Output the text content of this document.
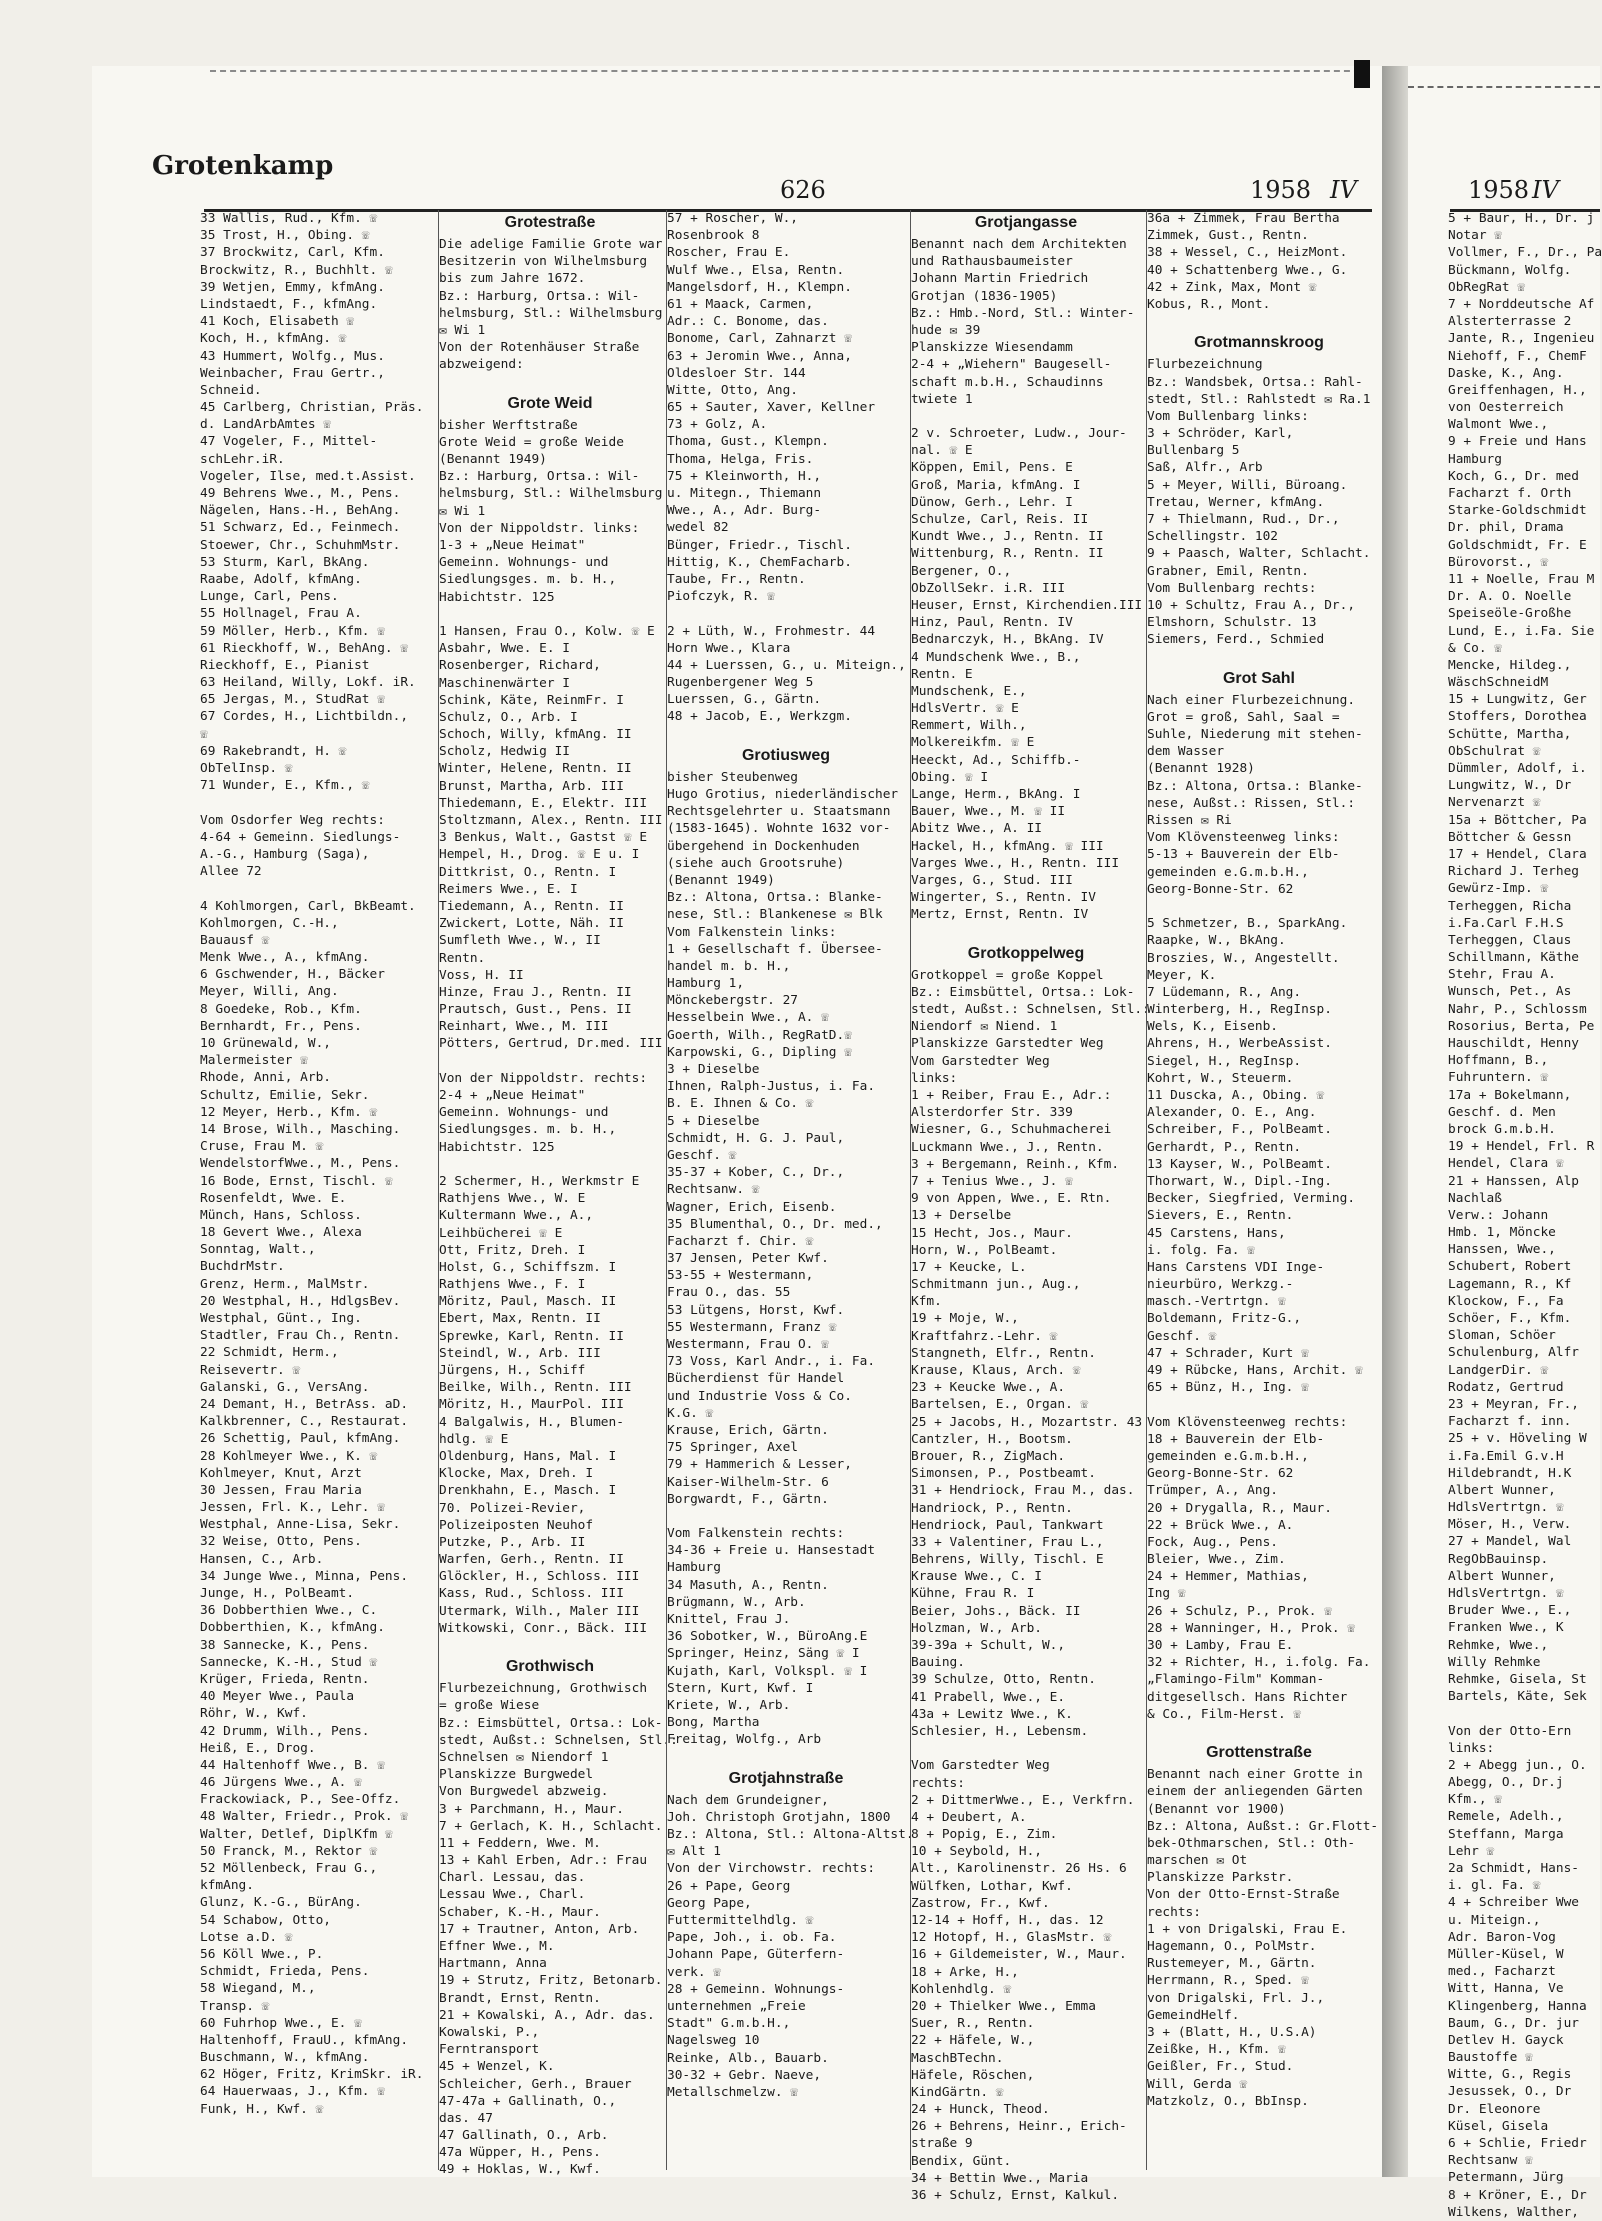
Grotenkamp
626	1958 IV	1958 IV
33 Wallis, Rud., Kfm. ☏
35 Trost, H., Obing. ☏
37 Brockwitz, Carl, Kfm.
Brockwitz, R., Buchhlt. ☏
39 Wetjen, Emmy, kfmAng.
Lindstaedt, F., kfmAng.
41 Koch, Elisabeth ☏
Koch, H., kfmAng. ☏
43 Hummert, Wolfg., Mus.
Weinbacher, Frau Gertr.,
Schneid.
45 Carlberg, Christian, Präs.
d. LandArbAmtes ☏
47 Vogeler, F., Mittel-
schLehr.iR.
Vogeler, Ilse, med.t.Assist.
49 Behrens Wwe., M., Pens.
Nägelen, Hans.-H., BehAng.
51 Schwarz, Ed., Feinmech.
Stoewer, Chr., SchuhmMstr.
53 Sturm, Karl, BkAng.
Raabe, Adolf, kfmAng.
Lunge, Carl, Pens.
55 Hollnagel, Frau A.
59 Möller, Herb., Kfm. ☏
61 Rieckhoff, W., BehAng. ☏
Rieckhoff, E., Pianist
63 Heiland, Willy, Lokf. iR.
65 Jergas, M., StudRat ☏
67 Cordes, H., Lichtbildn.,
☏
69 Rakebrandt, H. ☏
ObTelInsp. ☏
71 Wunder, E., Kfm., ☏

Vom Osdorfer Weg rechts:
4-64 + Gemeinn. Siedlungs-
A.-G., Hamburg (Saga),
Allee 72

4 Kohlmorgen, Carl, BkBeamt.
Kohlmorgen, C.-H.,
Bauausf ☏
Menk Wwe., A., kfmAng.
6 Gschwender, H., Bäcker
Meyer, Willi, Ang.
8 Goedeke, Rob., Kfm.
Bernhardt, Fr., Pens.
10 Grünewald, W.,
Malermeister ☏
Rhode, Anni, Arb.
Schultz, Emilie, Sekr.
12 Meyer, Herb., Kfm. ☏
14 Brose, Wilh., Masching.
Cruse, Frau M. ☏
WendelstorfWwe., M., Pens.
16 Bode, Ernst, Tischl. ☏
Rosenfeldt, Wwe. E.
Münch, Hans, Schloss.
18 Gevert Wwe., Alexa
Sonntag, Walt.,
BuchdrMstr.
Grenz, Herm., MalMstr.
20 Westphal, H., HdlgsBev.
Westphal, Günt., Ing.
Stadtler, Frau Ch., Rentn.
22 Schmidt, Herm.,
Reisevertr. ☏
Galanski, G., VersAng.
24 Demant, H., BetrAss. aD.
Kalkbrenner, C., Restaurat.
26 Schettig, Paul, kfmAng.
28 Kohlmeyer Wwe., K. ☏
Kohlmeyer, Knut, Arzt
30 Jessen, Frau Maria
Jessen, Frl. K., Lehr. ☏
Westphal, Anne-Lisa, Sekr.
32 Weise, Otto, Pens.
Hansen, C., Arb.
34 Junge Wwe., Minna, Pens.
Junge, H., PolBeamt.
36 Dobberthien Wwe., C.
Dobberthien, K., kfmAng.
38 Sannecke, K., Pens.
Sannecke, K.-H., Stud ☏
Krüger, Frieda, Rentn.
40 Meyer Wwe., Paula
Röhr, W., Kwf.
42 Drumm, Wilh., Pens.
Heiß, E., Drog.
44 Haltenhoff Wwe., B. ☏
46 Jürgens Wwe., A. ☏
Frackowiack, P., See-Offz.
48 Walter, Friedr., Prok. ☏
Walter, Detlef, DiplKfm ☏
50 Franck, M., Rektor ☏
52 Möllenbeck, Frau G.,
kfmAng.
Glunz, K.-G., BürAng.
54 Schabow, Otto,
Lotse a.D. ☏
56 Köll Wwe., P.
Schmidt, Frieda, Pens.
58 Wiegand, M.,
Transp. ☏
60 Fuhrhop Wwe., E. ☏
Haltenhoff, FrauU., kfmAng.
Buschmann, W., kfmAng.
62 Höger, Fritz, KrimSkr. iR.
64 Hauerwaas, J., Kfm. ☏
Funk, H., Kwf. ☏
Grotestraße
Die adelige Familie Grote war
Besitzerin von Wilhelmsburg
bis zum Jahre 1672.
Bz.: Harburg, Ortsa.: Wil-
helmsburg, Stl.: Wilhelmsburg
✉ Wi 1
Von der Rotenhäuser Straße
abzweigend:

Grote Weid
bisher Werftstraße
Grote Weid = große Weide
(Benannt 1949)
Bz.: Harburg, Ortsa.: Wil-
helmsburg, Stl.: Wilhelmsburg
✉ Wi 1
Von der Nippoldstr. links:
1-3 + „Neue Heimat"
Gemeinn. Wohnungs- und
Siedlungsges. m. b. H.,
Habichtstr. 125

1 Hansen, Frau O., Kolw. ☏ E
Asbahr, Wwe. E. I
Rosenberger, Richard,
Maschinenwärter I
Schink, Käte, ReinmFr. I
Schulz, O., Arb. I
Schoch, Willy, kfmAng. II
Scholz, Hedwig II
Winter, Helene, Rentn. II
Brunst, Martha, Arb. III
Thiedemann, E., Elektr. III
Stoltzmann, Alex., Rentn. III
3 Benkus, Walt., Gastst ☏ E
Hempel, H., Drog. ☏ E u. I
Dittkrist, O., Rentn. I
Reimers Wwe., E. I
Tiedemann, A., Rentn. II
Zwickert, Lotte, Näh. II
Sumfleth Wwe., W., II
Rentn.
Voss, H. II
Hinze, Frau J., Rentn. II
Prautsch, Gust., Pens. II
Reinhart, Wwe., M. III
Pötters, Gertrud, Dr.med. III

Von der Nippoldstr. rechts:
2-4 + „Neue Heimat"
Gemeinn. Wohnungs- und
Siedlungsges. m. b. H.,
Habichtstr. 125

2 Schermer, H., Werkmstr E
Rathjens Wwe., W. E
Kultermann Wwe., A.,
Leihbücherei ☏ E
Ott, Fritz, Dreh. I
Holst, G., Schiffszm. I
Rathjens Wwe., F. I
Möritz, Paul, Masch. II
Ebert, Max, Rentn. II
Sprewke, Karl, Rentn. II
Steindl, W., Arb. III
Jürgens, H., Schiff
Beilke, Wilh., Rentn. III
Möritz, H., MaurPol. III
4 Balgalwis, H., Blumen-
hdlg. ☏ E
Oldenburg, Hans, Mal. I
Klocke, Max, Dreh. I
Drenkhahn, E., Masch. I
70. Polizei-Revier,
Polizeiposten Neuhof
Putzke, P., Arb. II
Warfen, Gerh., Rentn. II
Glöckler, H., Schloss. III
Kass, Rud., Schloss. III
Utermark, Wilh., Maler III
Witkowski, Conr., Bäck. III

Grothwisch
Flurbezeichnung, Grothwisch
= große Wiese
Bz.: Eimsbüttel, Ortsa.: Lok-
stedt, Außst.: Schnelsen, Stl.:
Schnelsen ✉ Niendorf 1
Planskizze Burgwedel
Von Burgwedel abzweig.
3 + Parchmann, H., Maur.
7 + Gerlach, K. H., Schlacht.
11 + Feddern, Wwe. M.
13 + Kahl Erben, Adr.: Frau
Charl. Lessau, das.
Lessau Wwe., Charl.
Schaber, K.-H., Maur.
17 + Trautner, Anton, Arb.
Effner Wwe., M.
Hartmann, Anna
19 + Strutz, Fritz, Betonarb.
Brandt, Ernst, Rentn.
21 + Kowalski, A., Adr. das.
Kowalski, P.,
Ferntransport
45 + Wenzel, K.
Schleicher, Gerh., Brauer
47-47a + Gallinath, O.,
das. 47
47 Gallinath, O., Arb.
47a Wüpper, H., Pens.
49 + Hoklas, W., Kwf.
57 + Roscher, W.,
Rosenbrook 8
Roscher, Frau E.
Wulf Wwe., Elsa, Rentn.
Mangelsdorf, H., Klempn.
61 + Maack, Carmen,
Adr.: C. Bonome, das.
Bonome, Carl, Zahnarzt ☏
63 + Jeromin Wwe., Anna,
Oldesloer Str. 144
Witte, Otto, Ang.
65 + Sauter, Xaver, Kellner
73 + Golz, A.
Thoma, Gust., Klempn.
Thoma, Helga, Fris.
75 + Kleinworth, H.,
u. Mitegn., Thiemann
Wwe., A., Adr. Burg-
wedel 82
Bünger, Friedr., Tischl.
Hittig, K., ChemFacharb.
Taube, Fr., Rentn.
Piofczyk, R. ☏

2 + Lüth, W., Frohmestr. 44
Horn Wwe., Klara
44 + Luerssen, G., u. Miteign.,
Rugenbergener Weg 5
Luerssen, G., Gärtn.
48 + Jacob, E., Werkzgm.

Grotiusweg
bisher Steubenweg
Hugo Grotius, niederländischer
Rechtsgelehrter u. Staatsmann
(1583-1645). Wohnte 1632 vor-
übergehend in Dockenhuden
(siehe auch Grootsruhe)
(Benannt 1949)
Bz.: Altona, Ortsa.: Blanke-
nese, Stl.: Blankenese ✉ Blk
Vom Falkenstein links:
1 + Gesellschaft f. Übersee-
handel m. b. H.,
Hamburg 1,
Mönckebergstr. 27
Hesselbein Wwe., A. ☏
Goerth, Wilh., RegRatD.☏
Karpowski, G., Dipling ☏
3 + Dieselbe
Ihnen, Ralph-Justus, i. Fa.
B. E. Ihnen & Co. ☏
5 + Dieselbe
Schmidt, H. G. J. Paul,
Geschf. ☏
35-37 + Kober, C., Dr.,
Rechtsanw. ☏
Wagner, Erich, Eisenb.
35 Blumenthal, O., Dr. med.,
Facharzt f. Chir. ☏
37 Jensen, Peter Kwf.
53-55 + Westermann,
Frau O., das. 55
53 Lütgens, Horst, Kwf.
55 Westermann, Franz ☏
Westermann, Frau O. ☏
73 Voss, Karl Andr., i. Fa.
Bücherdienst für Handel
und Industrie Voss & Co.
K.G. ☏
Krause, Erich, Gärtn.
75 Springer, Axel
79 + Hammerich & Lesser,
Kaiser-Wilhelm-Str. 6
Borgwardt, F., Gärtn.

Vom Falkenstein rechts:
34-36 + Freie u. Hansestadt
Hamburg
34 Masuth, A., Rentn.
Brügmann, W., Arb.
Knittel, Frau J.
36 Sobotker, W., BüroAng.E
Springer, Heinz, Säng ☏ I
Kujath, Karl, Volkspl. ☏ I
Stern, Kurt, Kwf. I
Kriete, W., Arb.
Bong, Martha
Freitag, Wolfg., Arb

Grotjahnstraße
Nach dem Grundeigner,
Joh. Christoph Grotjahn, 1800
Bz.: Altona, Stl.: Altona-Altst.
✉ Alt 1
Von der Virchowstr. rechts:
26 + Pape, Georg
Georg Pape,
Futtermittelhdlg. ☏
Pape, Joh., i. ob. Fa.
Johann Pape, Güterfern-
verk. ☏
28 + Gemeinn. Wohnungs-
unternehmen „Freie
Stadt" G.m.b.H.,
Nagelsweg 10
Reinke, Alb., Bauarb.
30-32 + Gebr. Naeve,
Metallschmelzw. ☏
Grotjangasse
Benannt nach dem Architekten
und Rathausbaumeister
Johann Martin Friedrich
Grotjan (1836-1905)
Bz.: Hmb.-Nord, Stl.: Winter-
hude ✉ 39
Planskizze Wiesendamm
2-4 + „Wiehern" Baugesell-
schaft m.b.H., Schaudinns
twiete 1

2 v. Schroeter, Ludw., Jour-
nal. ☏ E
Köppen, Emil, Pens. E
Groß, Maria, kfmAng. I
Dünow, Gerh., Lehr. I
Schulze, Carl, Reis. II
Kundt Wwe., J., Rentn. II
Wittenburg, R., Rentn. II
Bergener, O.,
ObZollSekr. i.R. III
Heuser, Ernst, Kirchendien.III
Hinz, Paul, Rentn. IV
Bednarczyk, H., BkAng. IV
4 Mundschenk Wwe., B.,
Rentn. E
Mundschenk, E.,
HdlsVertr. ☏ E
Remmert, Wilh.,
Molkereikfm. ☏ E
Heeckt, Ad., Schiffb.-
Obing. ☏ I
Lange, Herm., BkAng. I
Bauer, Wwe., M. ☏ II
Abitz Wwe., A. II
Hackel, H., kfmAng. ☏ III
Varges Wwe., H., Rentn. III
Varges, G., Stud. III
Wingerter, S., Rentn. IV
Mertz, Ernst, Rentn. IV

Grotkoppelweg
Grotkoppel = große Koppel
Bz.: Eimsbüttel, Ortsa.: Lok-
stedt, Außst.: Schnelsen, Stl.:
Niendorf ✉ Niend. 1
Planskizze Garstedter Weg
Vom Garstedter Weg
links:
1 + Reiber, Frau E., Adr.:
Alsterdorfer Str. 339
Wiesner, G., Schuhmacherei
Luckmann Wwe., J., Rentn.
3 + Bergemann, Reinh., Kfm.
7 + Tenius Wwe., J. ☏
9 von Appen, Wwe., E. Rtn.
13 + Derselbe
15 Hecht, Jos., Maur.
Horn, W., PolBeamt.
17 + Keucke, L.
Schmitmann jun., Aug.,
Kfm.
19 + Moje, W.,
Kraftfahrz.-Lehr. ☏
Stangneth, Elfr., Rentn.
Krause, Klaus, Arch. ☏
23 + Keucke Wwe., A.
Bartelsen, E., Organ. ☏
25 + Jacobs, H., Mozartstr. 43
Cantzler, H., Bootsm.
Brouer, R., ZigMach.
Simonsen, P., Postbeamt.
31 + Hendriock, Frau M., das.
Handriock, P., Rentn.
Hendriock, Paul, Tankwart
33 + Valentiner, Frau L.,
Behrens, Willy, Tischl. E
Krause Wwe., C. I
Kühne, Frau R. I
Beier, Johs., Bäck. II
Holzman, W., Arb.
39-39a + Schult, W.,
Bauing.
39 Schulze, Otto, Rentn.
41 Prabell, Wwe., E.
43a + Lewitz Wwe., K.
Schlesier, H., Lebensm.

Vom Garstedter Weg
rechts:
2 + DittmerWwe., E., Verkfrn.
4 + Deubert, A.
8 + Popig, E., Zim.
10 + Seybold, H.,
Alt., Karolinenstr. 26 Hs. 6
Wülfken, Lothar, Kwf.
Zastrow, Fr., Kwf.
12-14 + Hoff, H., das. 12
12 Hotopf, H., GlasMstr. ☏
16 + Gildemeister, W., Maur.
18 + Arke, H.,
Kohlenhdlg. ☏
20 + Thielker Wwe., Emma
Suer, R., Rentn.
22 + Häfele, W.,
MaschBTechn.
Häfele, Röschen,
KindGärtn. ☏
24 + Hunck, Theod.
26 + Behrens, Heinr., Erich-
straße 9
Bendix, Günt.
34 + Bettin Wwe., Maria
36 + Schulz, Ernst, Kalkul.
36a + Zimmek, Frau Bertha
Zimmek, Gust., Rentn.
38 + Wessel, C., HeizMont.
40 + Schattenberg Wwe., G.
42 + Zink, Max, Mont ☏
Kobus, R., Mont.

Grotmannskroog
Flurbezeichnung
Bz.: Wandsbek, Ortsa.: Rahl-
stedt, Stl.: Rahlstedt ✉ Ra.1
Vom Bullenbarg links:
3 + Schröder, Karl,
Bullenbarg 5
Saß, Alfr., Arb
5 + Meyer, Willi, Büroang.
Tretau, Werner, kfmAng.
7 + Thielmann, Rud., Dr.,
Schellingstr. 102
9 + Paasch, Walter, Schlacht.
Grabner, Emil, Rentn.
Vom Bullenbarg rechts:
10 + Schultz, Frau A., Dr.,
Elmshorn, Schulstr. 13
Siemers, Ferd., Schmied

Grot Sahl
Nach einer Flurbezeichnung.
Grot = groß, Sahl, Saal =
Suhle, Niederung mit stehen-
dem Wasser
(Benannt 1928)
Bz.: Altona, Ortsa.: Blanke-
nese, Außst.: Rissen, Stl.:
Rissen ✉ Ri
Vom Klövensteenweg links:
5-13 + Bauverein der Elb-
gemeinden e.G.m.b.H.,
Georg-Bonne-Str. 62

5 Schmetzer, B., SparkAng.
Raapke, W., BkAng.
Broszies, W., Angestellt.
Meyer, K.
7 Lüdemann, R., Ang.
Winterberg, H., RegInsp.
Wels, K., Eisenb.
Ahrens, H., WerbeAssist.
Siegel, H., RegInsp.
Kohrt, W., Steuerm.
11 Duscka, A., Obing. ☏
Alexander, O. E., Ang.
Schreiber, F., PolBeamt.
Gerhardt, P., Rentn.
13 Kayser, W., PolBeamt.
Thorwart, W., Dipl.-Ing.
Becker, Siegfried, Verming.
Sievers, E., Rentn.
45 Carstens, Hans,
i. folg. Fa. ☏
Hans Carstens VDI Inge-
nieurbüro, Werkzg.-
masch.-Vertrtgn. ☏
Boldemann, Fritz-G.,
Geschf. ☏
47 + Schrader, Kurt ☏
49 + Rübcke, Hans, Archit. ☏
65 + Bünz, H., Ing. ☏

Vom Klövensteenweg rechts:
18 + Bauverein der Elb-
gemeinden e.G.m.b.H.,
Georg-Bonne-Str. 62
Trümper, A., Ang.
20 + Drygalla, R., Maur.
22 + Brück Wwe., A.
Fock, Aug., Pens.
Bleier, Wwe., Zim.
24 + Hemmer, Mathias,
Ing ☏
26 + Schulz, P., Prok. ☏
28 + Wanninger, H., Prok. ☏
30 + Lamby, Frau E.
32 + Richter, H., i.folg. Fa.
„Flamingo-Film" Komman-
ditgesellsch. Hans Richter
& Co., Film-Herst. ☏

Grottenstraße
Benannt nach einer Grotte in
einem der anliegenden Gärten
(Benannt vor 1900)
Bz.: Altona, Außst.: Gr.Flott-
bek-Othmarschen, Stl.: Oth-
marschen ✉ Ot
Planskizze Parkstr.
Von der Otto-Ernst-Straße
rechts:
1 + von Drigalski, Frau E.
Hagemann, O., PolMstr.
Rustemeyer, M., Gärtn.
Herrmann, R., Sped. ☏
von Drigalski, Frl. J.,
GemeindHelf.
3 + (Blatt, H., U.S.A)
Zeißke, H., Kfm. ☏
Geißler, Fr., Stud.
Will, Gerda ☏
Matzkolz, O., BbInsp.
5 + Baur, H., Dr. j
Notar ☏
Vollmer, F., Dr., Pa
Bückmann, Wolfg.
ObRegRat ☏
7 + Norddeutsche Af
Alsterterrasse 2
Jante, R., Ingenieu
Niehoff, F., ChemF
Daske, K., Ang.
Greiffenhagen, H.,
von Oesterreich
Walmont Wwe.,
9 + Freie und Hans
Hamburg
Koch, G., Dr. med
Facharzt f. Orth
Starke-Goldschmidt
Dr. phil, Drama
Goldschmidt, Fr. E
Bürovorst., ☏
11 + Noelle, Frau M
Dr. A. O. Noelle
Speiseöle-Großhe
Lund, E., i.Fa. Sie
& Co. ☏
Mencke, Hildeg.,
WäschSchneidM
15 + Lungwitz, Ger
Stoffers, Dorothea
Schütte, Martha,
ObSchulrat ☏
Dümmler, Adolf, i.
Lungwitz, W., Dr
Nervenarzt ☏
15a + Böttcher, Pa
Böttcher & Gessn
17 + Hendel, Clara
Richard J. Terheg
Gewürz-Imp. ☏
Terheggen, Richa
i.Fa.Carl F.H.S
Terheggen, Claus
Schillmann, Käthe
Stehr, Frau A.
Wunsch, Pet., As
Nahr, P., Schlossm
Rosorius, Berta, Pe
Hauschildt, Henny
Hoffmann, B.,
Fuhruntern. ☏
17a + Bokelmann,
Geschf. d. Men
brock G.m.b.H.
19 + Hendel, Frl. R
Hendel, Clara ☏
21 + Hanssen, Alp
Nachlaß
Verw.: Johann
Hmb. 1, Möncke
Hanssen, Wwe.,
Schubert, Robert
Lagemann, R., Kf
Klockow, F., Fa
Schöer, F., Kfm.
Sloman, Schöer
Schulenburg, Alfr
LandgerDir. ☏
Rodatz, Gertrud
23 + Meyran, Fr.,
Facharzt f. inn.
25 + v. Höveling W
i.Fa.Emil G.v.H
Hildebrandt, H.K
Albert Wunner,
HdlsVertrtgn. ☏
Möser, H., Verw.
27 + Mandel, Wal
RegObBauinsp.
Albert Wunner,
HdlsVertrtgn. ☏
Bruder Wwe., E.,
Franken Wwe., K
Rehmke, Wwe.,
Willy Rehmke
Rehmke, Gisela, St
Bartels, Käte, Sek

Von der Otto-Ern
links:
2 + Abegg jun., O.
Abegg, O., Dr.j
Kfm., ☏
Remele, Adelh.,
Steffann, Marga
Lehr ☏
2a Schmidt, Hans-
i. gl. Fa. ☏
4 + Schreiber Wwe
u. Miteign.,
Adr. Baron-Vog
Müller-Küsel, W
med., Facharzt
Witt, Hanna, Ve
Klingenberg, Hanna
Baum, G., Dr. jur
Detlev H. Gayck
Baustoffe ☏
Witte, G., Regis
Jesussek, O., Dr
Dr. Eleonore
Küsel, Gisela
6 + Schlie, Friedr
Rechtsanw ☏
Petermann, Jürg
8 + Kröner, E., Dr
Wilkens, Walther,
